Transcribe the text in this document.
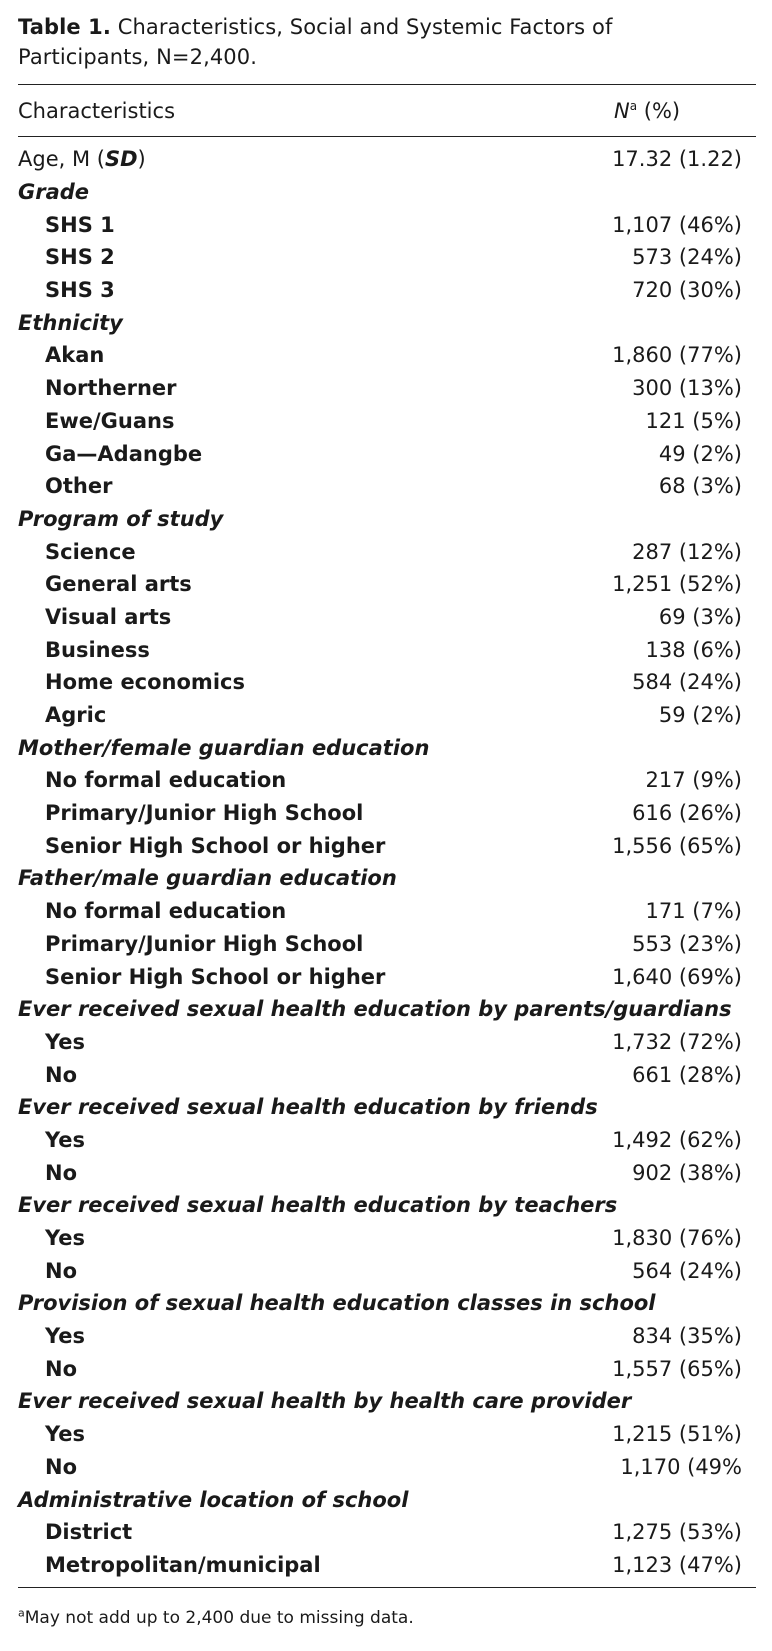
Table 1. Characteristics, Social and Systemic Factors of Participants, N=2,400.

Characteristics	$N^a$ (%)
Age, M (SD)	17.32 (1.22)
Grade
SHS 1	1,107 (46%)
SHS 2	573 (24%)
SHS 3	720 (30%)
Ethnicity
Akan	1,860 (77%)
Northerner	300 (13%)
Ewe/Guans	121 (5%)
Ga—Adangbe	49 (2%)
Other	68 (3%)
Program of study
Science	287 (12%)
General arts	1,251 (52%)
Visual arts	69 (3%)
Business	138 (6%)
Home economics	584 (24%)
Agric	59 (2%)
Mother/female guardian education
No formal education	217 (9%)
Primary/Junior High School	616 (26%)
Senior High School or higher	1,556 (65%)
Father/male guardian education
No formal education	171 (7%)
Primary/Junior High School	553 (23%)
Senior High School or higher	1,640 (69%)
Ever received sexual health education by parents/guardians
Yes	1,732 (72%)
No	661 (28%)
Ever received sexual health education by friends
Yes	1,492 (62%)
No	902 (38%)
Ever received sexual health education by teachers
Yes	1,830 (76%)
No	564 (24%)
Provision of sexual health education classes in school
Yes	834 (35%)
No	1,557 (65%)
Ever received sexual health by health care provider
Yes	1,215 (51%)
No	1,170 (49%
Administrative location of school
District	1,275 (53%)
Metropolitan/municipal	1,123 (47%)
$^a$May not add up to 2,400 due to missing data.
